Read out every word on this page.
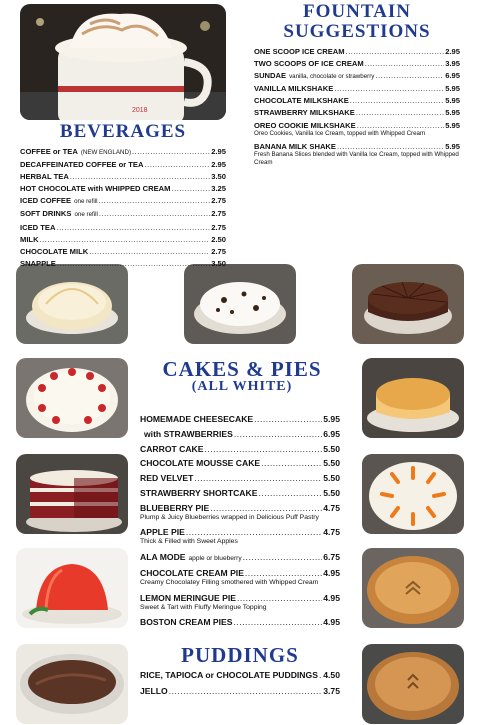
2018
FOUNTAIN
SUGGESTIONS
ONE SCOOP ICE CREAM .....	2.95
TWO SCOOPS OF ICE CREAM .....	3.95
SUNDAE vanilla, chocolate or strawberry .....	6.95
VANILLA MILKSHAKE .....	5.95
CHOCOLATE MILKSHAKE .....	5.95
STRAWBERRY MILKSHAKE .....	5.95
OREO COOKIE MILKSHAKE .....	5.95
Oreo Cookies, Vanilla Ice Cream, topped with Whipped Cream
BANANA MILK SHAKE .....	5.95
Fresh Banana Slices blended with Vanilla Ice Cream, topped with Whipped Cream
BEVERAGES
COFFEE or TEA (NEW ENGLAND) .....	2.95
DECAFFEINATED COFFEE or TEA .....	2.95
HERBAL TEA .....	3.50
HOT CHOCOLATE with WHIPPED CREAM .....	3.25
ICED COFFEE one refill .....	2.75
SOFT DRINKS one refill .....	2.75
ICED TEA .....	2.75
MILK .....	2.50
CHOCOLATE MILK .....	2.75
SNAPPLE .....	3.50
CAKES & PIES
(ALL WHITE)
HOMEMADE CHEESECAKE .....	5.95
with STRAWBERRIES .....	6.95
CARROT CAKE .....	5.50
CHOCOLATE MOUSSE CAKE .....	5.50
RED VELVET .....	5.50
STRAWBERRY SHORTCAKE .....	5.50
BLUEBERRY PIE .....	4.75
Plump & Juicy Blueberries wrapped in Delicious Puff Pastry
APPLE PIE .....	4.75
Thick & Filled with Sweet Apples
ALA MODE apple or blueberry .....	6.75
CHOCOLATE CREAM PIE .....	4.95
Creamy Chocolatey Filling smothered with Whipped Cream
LEMON MERINGUE PIE .....	4.95
Sweet & Tart with Fluffy Meringue Topping
BOSTON CREAM PIES .....	4.95
PUDDINGS
RICE, TAPIOCA or CHOCOLATE PUDDINGS ..... 4.50
JELLO .....	3.75
